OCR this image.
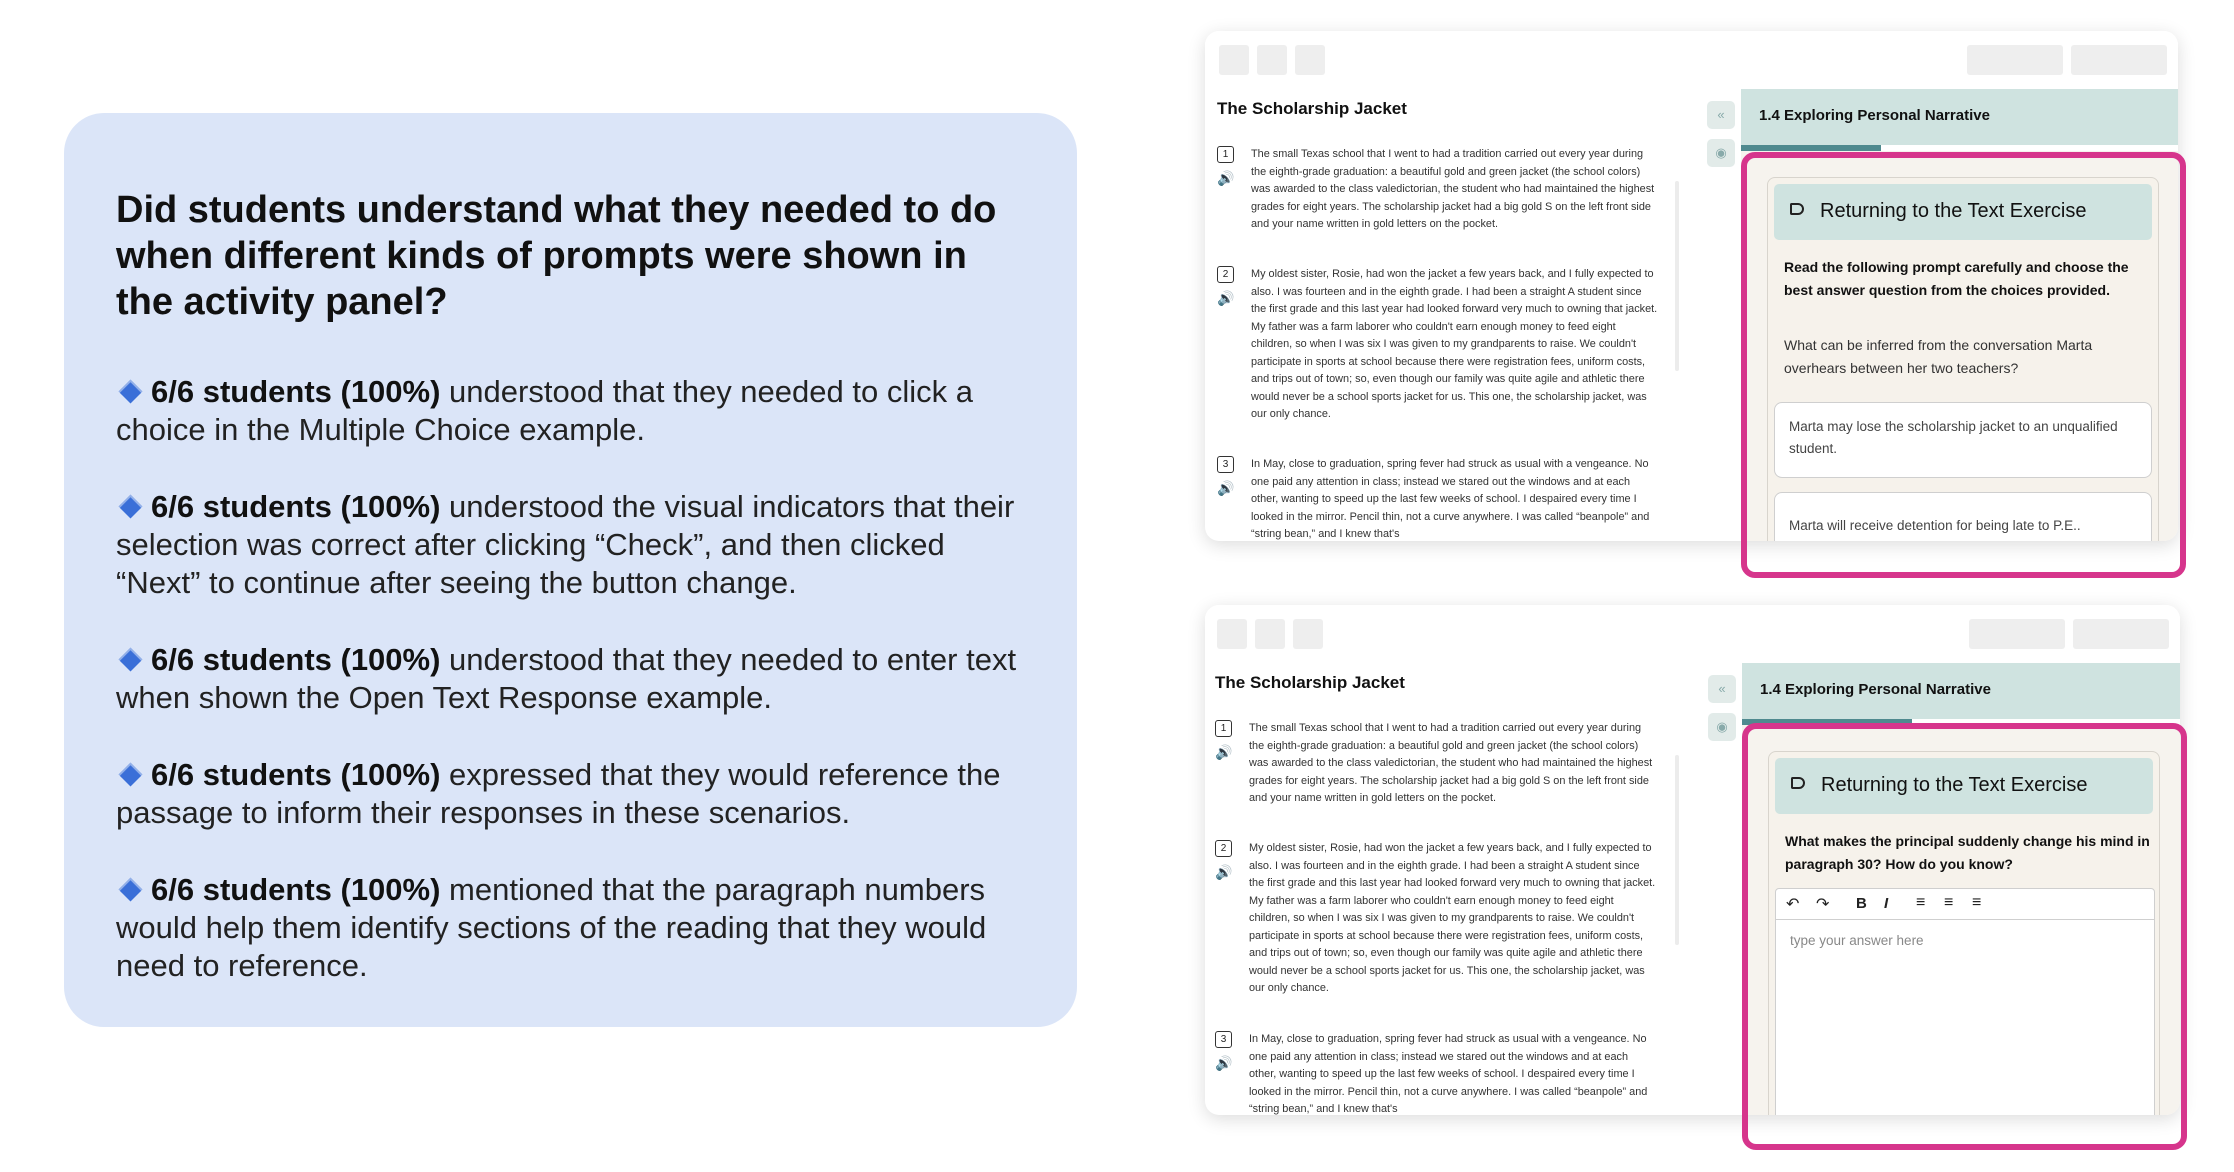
Did students understand what they needed to do when different kinds of prompts were shown in the activity panel?

6/6 students (100%) understood that they needed to click a choice in the Multiple Choice example.

6/6 students (100%) understood the visual indicators that their selection was correct after clicking “Check”, and then clicked “Next” to continue after seeing the button change.

6/6 students (100%) understood that they needed to enter text when shown the Open Text Response example.

6/6 students (100%) expressed that they would reference the passage to inform their responses in these scenarios.

6/6 students (100%) mentioned that the paragraph numbers would help them identify sections of the reading that they would need to reference.

The Scholarship Jacket
1
🔊
The small Texas school that I went to had a tradition carried out every year during the eighth-grade graduation: a beautiful gold and green jacket (the school colors) was awarded to the class valedictorian, the student who had maintained the highest grades for eight years. The scholarship jacket had a big gold S on the left front side and your name written in gold letters on the pocket.
2
🔊
My oldest sister, Rosie, had won the jacket a few years back, and I fully expected to also. I was fourteen and in the eighth grade. I had been a straight A student since the first grade and this last year had looked forward very much to owning that jacket. My father was a farm laborer who couldn't earn enough money to feed eight children, so when I was six I was given to my grandparents to raise. We couldn't participate in sports at school because there were registration fees, uniform costs, and trips out of town; so, even though our family was quite agile and athletic there would never be a school sports jacket for us. This one, the scholarship jacket, was our only chance.
3
🔊
In May, close to graduation, spring fever had struck as usual with a vengeance. No one paid any attention in class; instead we stared out the windows and at each other, wanting to speed up the last few weeks of school. I despaired every time I looked in the mirror. Pencil thin, not a curve anywhere. I was called “beanpole” and “string bean,” and I knew that's
«
◉
1.4 Exploring Personal Narrative
Returning to the Text Exercise
Read the following prompt carefully and choose the best answer question from the choices provided.
What can be inferred from the conversation Marta overhears between her two teachers?
Marta may lose the scholarship jacket to an unqualified student.
Marta will receive detention for being late to P.E..
The Scholarship Jacket
1
🔊
The small Texas school that I went to had a tradition carried out every year during the eighth-grade graduation: a beautiful gold and green jacket (the school colors) was awarded to the class valedictorian, the student who had maintained the highest grades for eight years. The scholarship jacket had a big gold S on the left front side and your name written in gold letters on the pocket.
2
🔊
My oldest sister, Rosie, had won the jacket a few years back, and I fully expected to also. I was fourteen and in the eighth grade. I had been a straight A student since the first grade and this last year had looked forward very much to owning that jacket. My father was a farm laborer who couldn't earn enough money to feed eight children, so when I was six I was given to my grandparents to raise. We couldn't participate in sports at school because there were registration fees, uniform costs, and trips out of town; so, even though our family was quite agile and athletic there would never be a school sports jacket for us. This one, the scholarship jacket, was our only chance.
3
🔊
In May, close to graduation, spring fever had struck as usual with a vengeance. No one paid any attention in class; instead we stared out the windows and at each other, wanting to speed up the last few weeks of school. I despaired every time I looked in the mirror. Pencil thin, not a curve anywhere. I was called “beanpole” and “string bean,” and I knew that's
«
◉
1.4 Exploring Personal Narrative
Returning to the Text Exercise
What makes the principal suddenly change his mind in paragraph 30? How do you know?
↶ ↷ B I ≡ ≡ ≡
type your answer here
